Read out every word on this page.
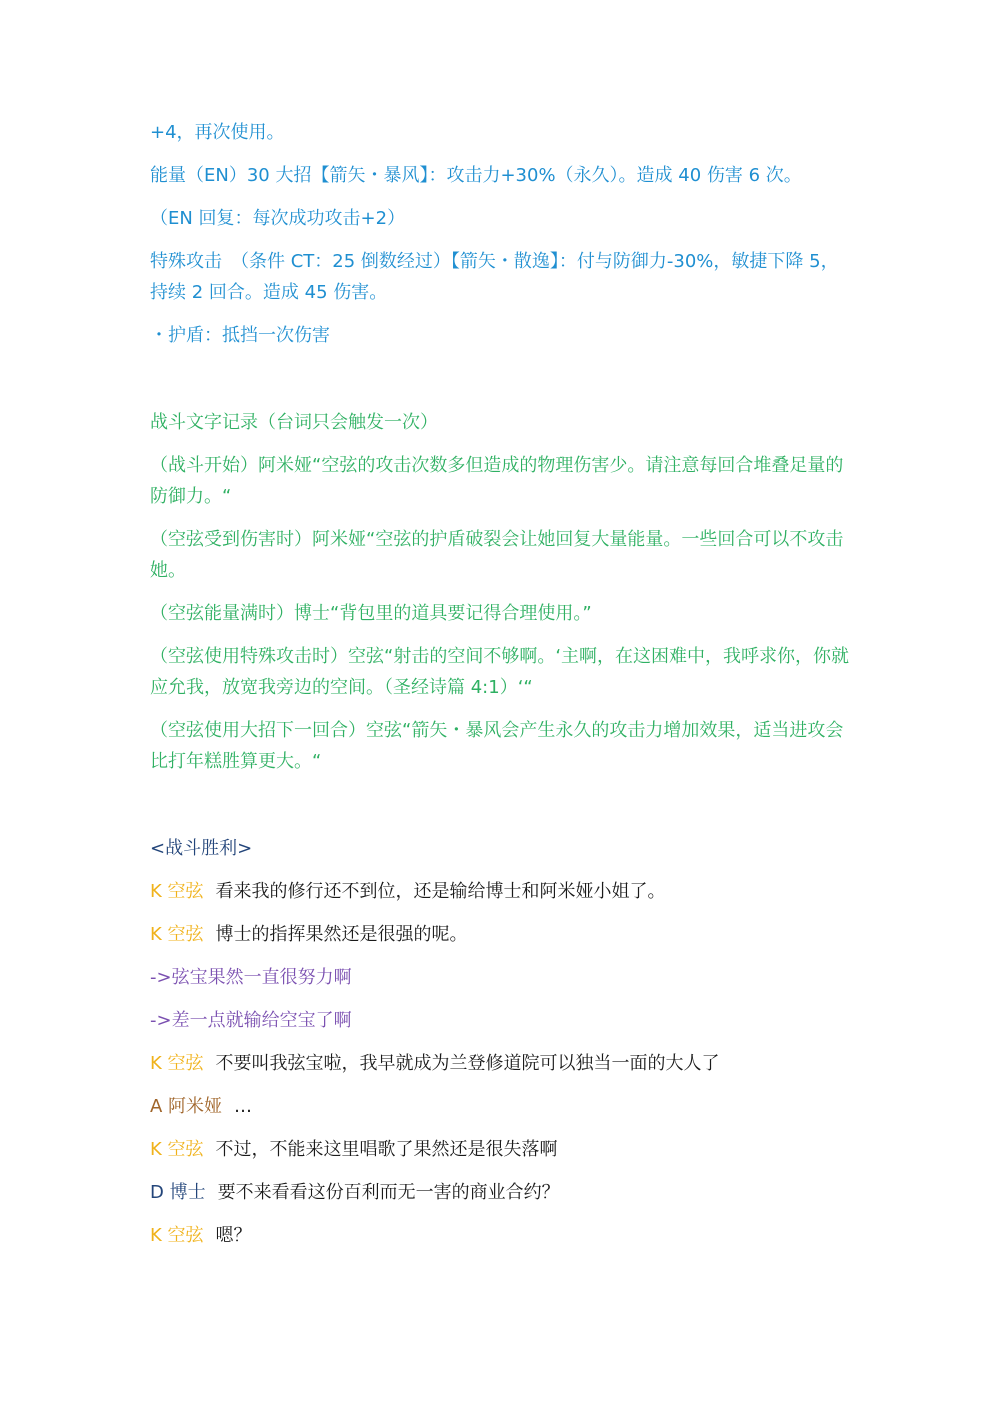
+4，再次使用。

能量（EN）30 大招【箭矢・暴风】：攻击力+30%（永久）。造成 40 伤害 6 次。

（EN 回复：每次成功攻击+2）

特殊攻击　（条件 CT：25 倒数经过）【箭矢・散逸】：付与防御力-30%，敏捷下降 5，持续 2 回合。造成 45 伤害。

・护盾：抵挡一次伤害

战斗文字记录（台词只会触发一次）

（战斗开始）阿米娅“空弦的攻击次数多但造成的物理伤害少。请注意每回合堆叠足量的防御力。“

（空弦受到伤害时）阿米娅“空弦的护盾破裂会让她回复大量能量。一些回合可以不攻击她。

（空弦能量满时）博士“背包里的道具要记得合理使用。”

（空弦使用特殊攻击时）空弦“射击的空间不够啊。‘主啊，在这困难中，我呼求你，你就应允我，放宽我旁边的空间。（圣经诗篇 4:1）‘“

（空弦使用大招下一回合）空弦“箭矢・暴风会产生永久的攻击力增加效果，适当进攻会比打年糕胜算更大。“

<战斗胜利>

K 空弦 看来我的修行还不到位，还是输给博士和阿米娅小姐了。

K 空弦 博士的指挥果然还是很强的呢。

->弦宝果然一直很努力啊

->差一点就输给空宝了啊

K 空弦 不要叫我弦宝啦，我早就成为兰登修道院可以独当一面的大人了

A 阿米娅 …

K 空弦 不过，不能来这里唱歌了果然还是很失落啊

D 博士 要不来看看这份百利而无一害的商业合约？

K 空弦 嗯？
